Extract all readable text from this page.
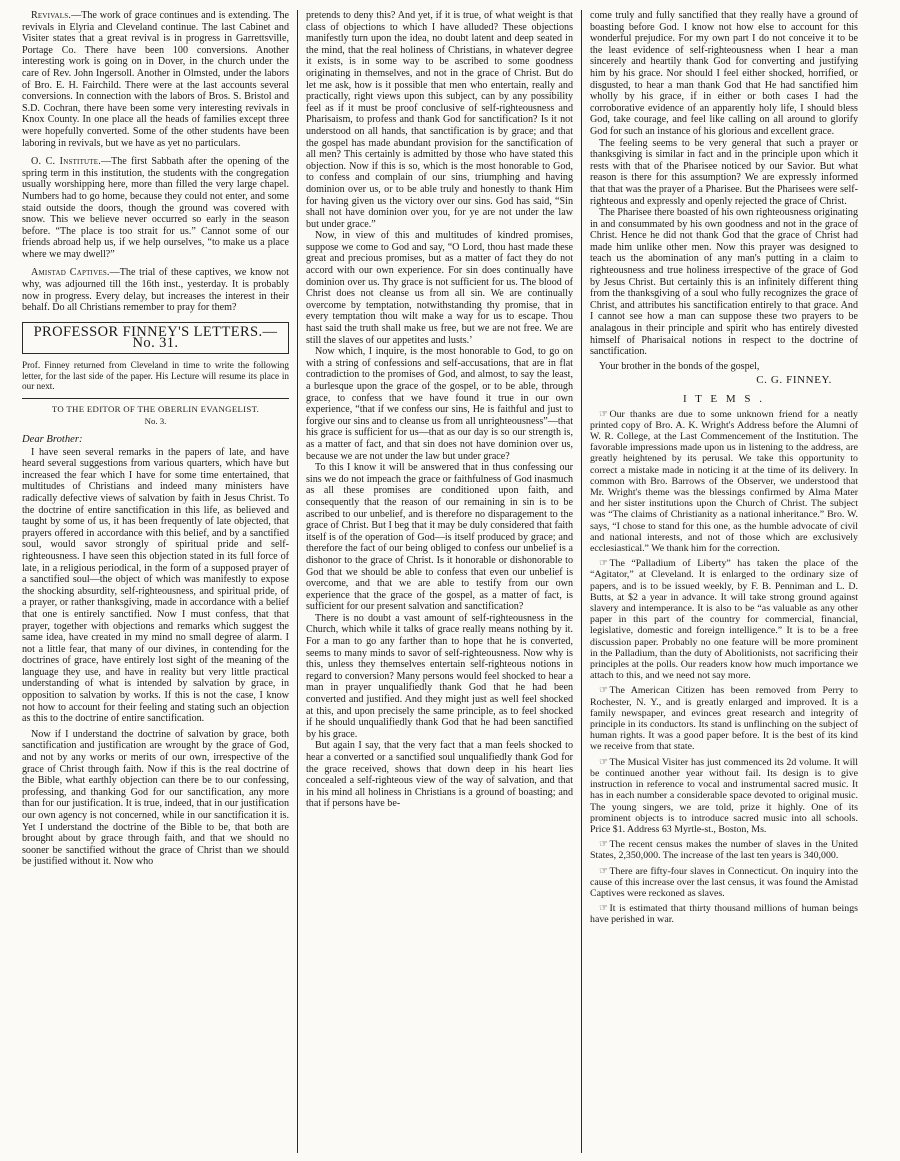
Revivals.—The work of grace continues and is extending. The revivals in Elyria and Cleveland continue. The last Cabinet and Visiter states that a great revival is in progress in Garrettsville, Portage Co. There have been 100 conversions. Another interesting work is going on in Dover, in the church under the care of Rev. John Ingersoll. Another in Olmsted, under the labors of Bro. E. H. Fairchild. There were at the last accounts several conversions. In connection with the labors of Bros. S. Bristol and S.D. Cochran, there have been some very interesting revivals in Knox County. In one place all the heads of families except three were hopefully converted. Some of the other students have been laboring in revivals, but we have as yet no particulars.

O. C. Institute.—The first Sabbath after the opening of the spring term in this institution, the students with the congregation usually worshipping here, more than filled the very large chapel. Numbers had to go home, because they could not enter, and some staid outside the doors, though the ground was covered with snow. This we believe never occurred so early in the season before. “The place is too strait for us.” Cannot some of our friends abroad help us, if we help ourselves, “to make us a place where we may dwell?”

Amistad Captives.—The trial of these captives, we know not why, was adjourned till the 16th inst., yesterday. It is probably now in progress. Every delay, but increases the interest in their behalf. Do all Christians remember to pray for them?

PROFESSOR FINNEY'S LETTERS.—No. 31.
Prof. Finney returned from Cleveland in time to write the following letter, for the last side of the paper. His Lecture will resume its place in our next.
TO THE EDITOR OF THE OBERLIN EVANGELIST.
No. 3.
Dear Brother:

I have seen several remarks in the papers of late, and have heard several suggestions from various quarters, which have but increased the fear which I have for some time entertained, that multitudes of Christians and indeed many ministers have radically defective views of salvation by faith in Jesus Christ. To the doctrine of entire sanctification in this life, as believed and taught by some of us, it has been frequently of late objected, that prayers offered in accordance with this belief, and by a sanctified soul, would savor strongly of spiritual pride and self-righteousness. I have seen this objection stated in its full force of late, in a religious periodical, in the form of a supposed prayer of a sanctified soul—the object of which was manifestly to expose the shocking absurdity, self-righteousness, and spiritual pride, of a prayer, or rather thanksgiving, made in accordance with a belief that one is entirely sanctified. Now I must confess, that that prayer, together with objections and remarks which suggest the same idea, have created in my mind no small degree of alarm. I not a little fear, that many of our divines, in contending for the doctrines of grace, have entirely lost sight of the meaning of the language they use, and have in reality but very little practical understanding of what is intended by salvation by grace, in opposition to salvation by works. If this is not the case, I know not how to account for their feeling and stating such an objection as this to the doctrine of entire sanctification.

Now if I understand the doctrine of salvation by grace, both sanctification and justification are wrought by the grace of God, and not by any works or merits of our own, irrespective of the grace of Christ through faith. Now if this is the real doctrine of the Bible, what earthly objection can there be to our confessing, professing, and thanking God for our sanctification, any more than for our justification. It is true, indeed, that in our justification our own agency is not concerned, while in our sanctification it is. Yet I understand the doctrine of the Bible to be, that both are brought about by grace through faith, and that we should no sooner be sanctified without the grace of Christ than we should be justified without it. Now who

pretends to deny this? And yet, if it is true, of what weight is that class of objections to which I have alluded? These objections manifestly turn upon the idea, no doubt latent and deep seated in the mind, that the real holiness of Christians, in whatever degree it exists, is in some way to be ascribed to some goodness originating in themselves, and not in the grace of Christ. But do let me ask, how is it possible that men who entertain, really and practically, right views upon this subject, can by any possibility feel as if it must be proof conclusive of self-righteousness and Pharisaism, to profess and thank God for sanctification? Is it not understood on all hands, that sanctification is by grace; and that the gospel has made abundant provision for the sanctification of all men? This certainly is admitted by those who have stated this objection. Now if this is so, which is the most honorable to God, to confess and complain of our sins, triumphing and having dominion over us, or to be able truly and honestly to thank Him for having given us the victory over our sins. God has said, “Sin shall not have dominion over you, for ye are not under the law but under grace.”

Now, in view of this and multitudes of kindred promises, suppose we come to God and say, “O Lord, thou hast made these great and precious promises, but as a matter of fact they do not accord with our own experience. For sin does continually have dominion over us. Thy grace is not sufficient for us. The blood of Christ does not cleanse us from all sin. We are continually overcome by temptation, notwithstanding thy promise, that in every temptation thou wilt make a way for us to escape. Thou hast said the truth shall make us free, but we are not free. We are still the slaves of our appetites and lusts.’

Now which, I inquire, is the most honorable to God, to go on with a string of confessions and self-accusations, that are in flat contradiction to the promises of God, and almost, to say the least, a burlesque upon the grace of the gospel, or to be able, through grace, to confess that we have found it true in our own experience, “that if we confess our sins, He is faithful and just to forgive our sins and to cleanse us from all unrighteousness”—that his grace is sufficient for us—that as our day is so our strength is, as a matter of fact, and that sin does not have dominion over us, because we are not under the law but under grace?

To this I know it will be answered that in thus confessing our sins we do not impeach the grace or faithfulness of God inasmuch as all these promises are conditioned upon faith, and consequently that the reason of our remaining in sin is to be ascribed to our unbelief, and is therefore no disparagement to the grace of Christ. But I beg that it may be duly considered that faith itself is of the operation of God—is itself produced by grace; and therefore the fact of our being obliged to confess our unbelief is a dishonor to the grace of Christ. Is it honorable or dishonorable to God that we should be able to confess that even our unbelief is overcome, and that we are able to testify from our own experience that the grace of the gospel, as a matter of fact, is sufficient for our present salvation and sanctification?

There is no doubt a vast amount of self-righteousness in the Church, which while it talks of grace really means nothing by it. For a man to go any farther than to hope that he is converted, seems to many minds to savor of self-righteousness. Now why is this, unless they themselves entertain self-righteous notions in regard to conversion? Many persons would feel shocked to hear a man in prayer unqualifiedly thank God that he had been converted and justified. And they might just as well feel shocked at this, and upon precisely the same principle, as to feel shocked if he should unqualifiedly thank God that he had been sanctified by his grace.

But again I say, that the very fact that a man feels shocked to hear a converted or a sanctified soul unqualifiedly thank God for the grace received, shows that down deep in his heart lies concealed a self-righteous view of the way of salvation, and that in his mind all holiness in Christians is a ground of boasting; and that if persons have be-

come truly and fully sanctified that they really have a ground of boasting before God. I know not how else to account for this wonderful prejudice. For my own part I do not conceive it to be the least evidence of self-righteousness when I hear a man sincerely and heartily thank God for converting and justifying him by his grace. Nor should I feel either shocked, horrified, or disgusted, to hear a man thank God that He had sanctified him wholly by his grace, if in either or both cases I had the corroborative evidence of an apparently holy life, I should bless God, take courage, and feel like calling on all around to glorify God for such an instance of his glorious and excellent grace.

The feeling seems to be very general that such a prayer or thanksgiving is similar in fact and in the principle upon which it rests with that of the Pharisee noticed by our Savior. But what reason is there for this assumption? We are expressly informed that that was the prayer of a Pharisee. But the Pharisees were self-righteous and expressly and openly rejected the grace of Christ.

The Pharisee there boasted of his own righteousness originating in and consummated by his own goodness and not in the grace of Christ. Hence he did not thank God that the grace of Christ had made him unlike other men. Now this prayer was designed to teach us the abomination of any man's putting in a claim to righteousness and true holiness irrespective of the grace of God by Jesus Christ. But certainly this is an infinitely different thing from the thanksgiving of a soul who fully recognizes the grace of Christ, and attributes his sanctification entirely to that grace. And I cannot see how a man can suppose these two prayers to be analagous in their principle and spirit who has entirely divested himself of Pharisaical notions in respect to the doctrine of sanctification.

Your brother in the bonds of the gospel,

C. G. FINNEY.
I T E M S .
☞ Our thanks are due to some unknown friend for a neatly printed copy of Bro. A. K. Wright's Address before the Alumni of W. R. College, at the Last Commencement of the Institution. The favorable impressions made upon us in listening to the address, are greatly heightened by its perusal. We take this opportunity to correct a mistake made in noticing it at the time of its delivery. In common with Bro. Barrows of the Observer, we understood that Mr. Wright's theme was the blessings confirmed by Alma Mater and her sister institutions upon the Church of Christ. The subject was “The claims of Christianity as a national inheritance.” Bro. W. says, “I chose to stand for this one, as the humble advocate of civil and national interests, and not of those which are exclusively ecclesiastical.” We thank him for the correction.
☞ The “Palladium of Liberty” has taken the place of the “Agitator,” at Cleveland. It is enlarged to the ordinary size of papers, and is to be issued weekly, by F. B. Penniman and L. D. Butts, at $2 a year in advance. It will take strong ground against slavery and intemperance. It is also to be “as valuable as any other paper in this part of the country for commercial, financial, legislative, domestic and foreign intelligence.” It is to be a free discussion paper. Probably no one feature will be more prominent in the Palladium, than the duty of Abolitionists, not sacrificing their principles at the polls. Our readers know how much importance we attach to this, and we need not say more.
☞ The American Citizen has been removed from Perry to Rochester, N. Y., and is greatly enlarged and improved. It is a family newspaper, and evinces great research and integrity of principle in its conductors. Its stand is unflinching on the subject of human rights. It was a good paper before. It is the best of its kind we receive from that state.
☞ The Musical Visiter has just commenced its 2d volume. It will be continued another year without fail. Its design is to give instruction in reference to vocal and instrumental sacred music. It has in each number a considerable space devoted to original music. The young singers, we are told, prize it highly. One of its prominent objects is to introduce sacred music into all schools. Price $1. Address 63 Myrtle-st., Boston, Ms.
☞ The recent census makes the number of slaves in the United States, 2,350,000. The increase of the last ten years is 340,000.
☞ There are fifty-four slaves in Connecticut. On inquiry into the cause of this increase over the last census, it was found the Amistad Captives were reckoned as slaves.
☞ It is estimated that thirty thousand millions of human beings have perished in war.
